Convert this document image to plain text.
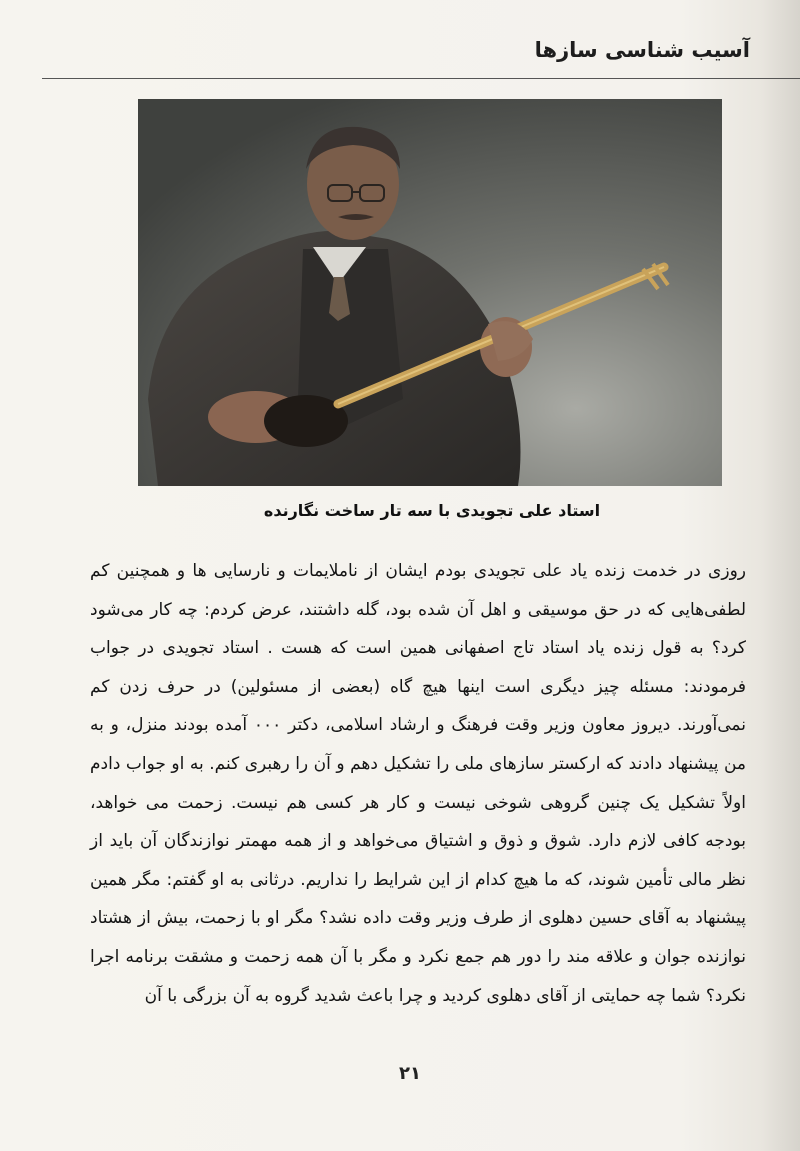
آسیب شناسی سازها
استاد علی تجویدی با سه تار ساخت نگارنده
روزی در خدمت زنده یاد علی تجویدی بودم ایشان از ناملایمات و نارسایی ها و همچنین کم لطفی‌هایی که در حق موسیقی و اهل آن شده بود، گله داشتند، عرض کردم: چه کار می‌شود کرد؟ به قول زنده یاد استاد تاج اصفهانی همین است که هست . استاد تجویدی در جواب فرمودند: مسئله چیز دیگری است اینها هیچ گاه (بعضی از مسئولین) در حرف زدن کم نمی‌آورند. دیروز معاون وزیر وقت فرهنگ و ارشاد اسلامی، دکتر ۰۰۰ آمده بودند منزل، و به من پیشنهاد دادند که ارکستر سازهای ملی را تشکیل دهم و آن را رهبری کنم. به او جواب دادم اولاً تشکیل یک چنین گروهی شوخی نیست و کار هر کسی هم نیست. زحمت می خواهد، بودجه کافی لازم دارد. شوق و ذوق و اشتیاق می‌خواهد و از همه مهمتر نوازندگان آن باید از نظر مالی تأمین شوند، که ما هیچ کدام از این شرایط را نداریم. درثانی به او گفتم: مگر همین پیشنهاد به آقای حسین دهلوی از طرف وزیر وقت داده نشد؟ مگر او با زحمت، بیش از هشتاد نوازنده جوان و علاقه مند را دور هم جمع نکرد و مگر با آن همه زحمت و مشقت برنامه اجرا نکرد؟ شما چه حمایتی از آقای دهلوی کردید و چرا باعث شدید گروه به آن بزرگی با آن
۲۱
